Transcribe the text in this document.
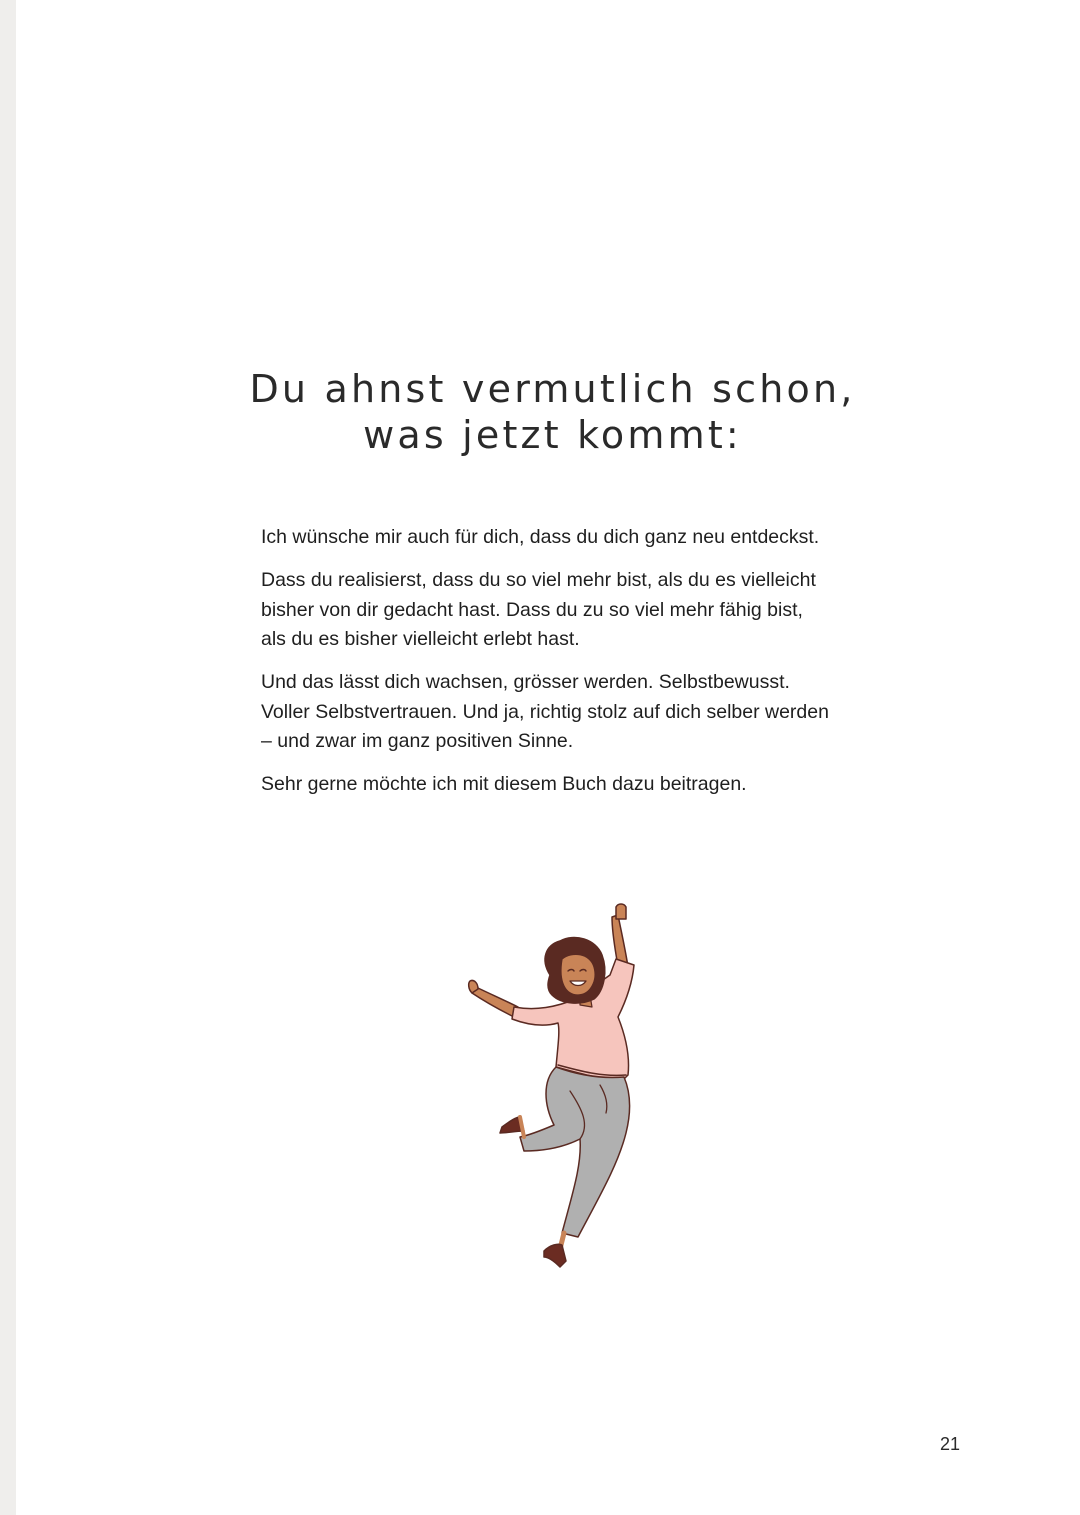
Du ahnst vermutlich schon,
was jetzt kommt:

Ich wünsche mir auch für dich, dass du dich ganz neu entdeckst.

Dass du realisierst, dass du so viel mehr bist, als du es vielleicht
bisher von dir gedacht hast. Dass du zu so viel mehr fähig bist,
als du es bisher vielleicht erlebt hast.

Und das lässt dich wachsen, grösser werden. Selbstbewusst.
Voller Selbstvertrauen. Und ja, richtig stolz auf dich selber werden
– und zwar im ganz positiven Sinne.

Sehr gerne möchte ich mit diesem Buch dazu beitragen.

21
